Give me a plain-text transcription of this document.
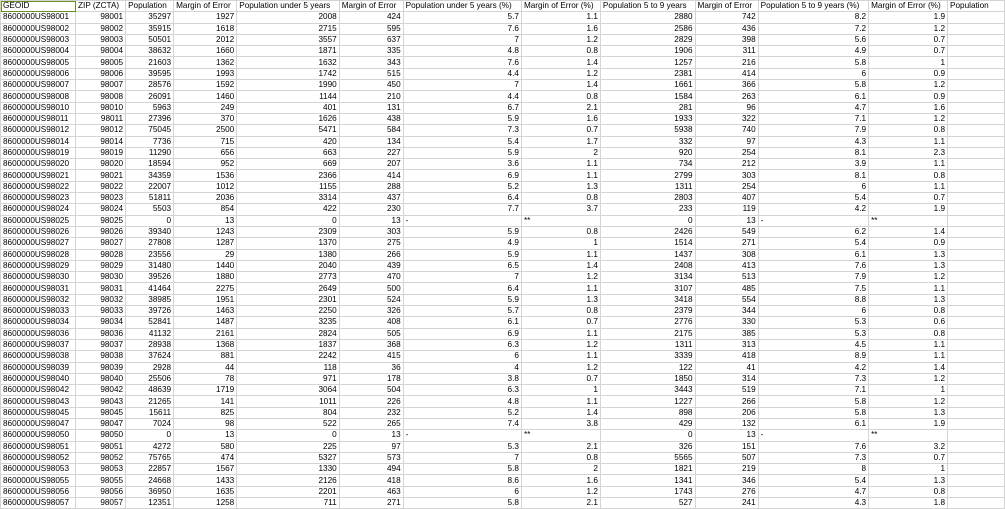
GEOID	ZIP (ZCTA)	Population	Margin of Error	Population under 5 years	Margin of Error	Population under 5 years (%)	Margin of Error (%)	Population 5 to 9 years	Margin of Error	Population 5 to 9 years (%)	Margin of Error (%)	Population
8600000US98001	98001	35297	1927	2008	424	5.7	1.1	2880	742	8.2	1.9	
8600000US98002	98002	35915	1618	2715	595	7.6	1.6	2586	436	7.2	1.2	
8600000US98003	98003	50501	2012	3557	637	7	1.2	2829	398	5.6	0.7	
8600000US98004	98004	38632	1660	1871	335	4.8	0.8	1906	311	4.9	0.7	
8600000US98005	98005	21603	1362	1632	343	7.6	1.4	1257	216	5.8	1	
8600000US98006	98006	39595	1993	1742	515	4.4	1.2	2381	414	6	0.9	
8600000US98007	98007	28576	1592	1990	450	7	1.4	1661	366	5.8	1.2	
8600000US98008	98008	26091	1460	1144	210	4.4	0.8	1584	263	6.1	0.9	
8600000US98010	98010	5963	249	401	131	6.7	2.1	281	96	4.7	1.6	
8600000US98011	98011	27396	370	1626	438	5.9	1.6	1933	322	7.1	1.2	
8600000US98012	98012	75045	2500	5471	584	7.3	0.7	5938	740	7.9	0.8	
8600000US98014	98014	7736	715	420	134	5.4	1.7	332	97	4.3	1.1	
8600000US98019	98019	11290	656	663	227	5.9	2	920	254	8.1	2.3	
8600000US98020	98020	18594	952	669	207	3.6	1.1	734	212	3.9	1.1	
8600000US98021	98021	34359	1536	2366	414	6.9	1.1	2799	303	8.1	0.8	
8600000US98022	98022	22007	1012	1155	288	5.2	1.3	1311	254	6	1.1	
8600000US98023	98023	51811	2036	3314	437	6.4	0.8	2803	407	5.4	0.7	
8600000US98024	98024	5503	854	422	230	7.7	3.7	233	119	4.2	1.9	
8600000US98025	98025	0	13	0	13	-	**	0	13	-	**	
8600000US98026	98026	39340	1243	2309	303	5.9	0.8	2426	549	6.2	1.4	
8600000US98027	98027	27808	1287	1370	275	4.9	1	1514	271	5.4	0.9	
8600000US98028	98028	23556	29	1380	266	5.9	1.1	1437	308	6.1	1.3	
8600000US98029	98029	31480	1440	2040	439	6.5	1.4	2408	413	7.6	1.3	
8600000US98030	98030	39526	1880	2773	470	7	1.2	3134	513	7.9	1.2	
8600000US98031	98031	41464	2275	2649	500	6.4	1.1	3107	485	7.5	1.1	
8600000US98032	98032	38985	1951	2301	524	5.9	1.3	3418	554	8.8	1.3	
8600000US98033	98033	39726	1463	2250	326	5.7	0.8	2379	344	6	0.8	
8600000US98034	98034	52841	1487	3235	408	6.1	0.7	2776	330	5.3	0.6	
8600000US98036	98036	41132	2161	2824	505	6.9	1.1	2175	385	5.3	0.8	
8600000US98037	98037	28938	1368	1837	368	6.3	1.2	1311	313	4.5	1.1	
8600000US98038	98038	37624	881	2242	415	6	1.1	3339	418	8.9	1.1	
8600000US98039	98039	2928	44	118	36	4	1.2	122	41	4.2	1.4	
8600000US98040	98040	25506	78	971	178	3.8	0.7	1850	314	7.3	1.2	
8600000US98042	98042	48639	1719	3064	504	6.3	1	3443	519	7.1	1	
8600000US98043	98043	21265	141	1011	226	4.8	1.1	1227	266	5.8	1.2	
8600000US98045	98045	15611	825	804	232	5.2	1.4	898	206	5.8	1.3	
8600000US98047	98047	7024	98	522	265	7.4	3.8	429	132	6.1	1.9	
8600000US98050	98050	0	13	0	13	-	**	0	13	-	**	
8600000US98051	98051	4272	580	225	97	5.3	2.1	326	151	7.6	3.2	
8600000US98052	98052	75765	474	5327	573	7	0.8	5565	507	7.3	0.7	
8600000US98053	98053	22857	1567	1330	494	5.8	2	1821	219	8	1	
8600000US98055	98055	24668	1433	2126	418	8.6	1.6	1341	346	5.4	1.3	
8600000US98056	98056	36950	1635	2201	463	6	1.2	1743	276	4.7	0.8	
8600000US98057	98057	12351	1258	711	271	5.8	2.1	527	241	4.3	1.8	
